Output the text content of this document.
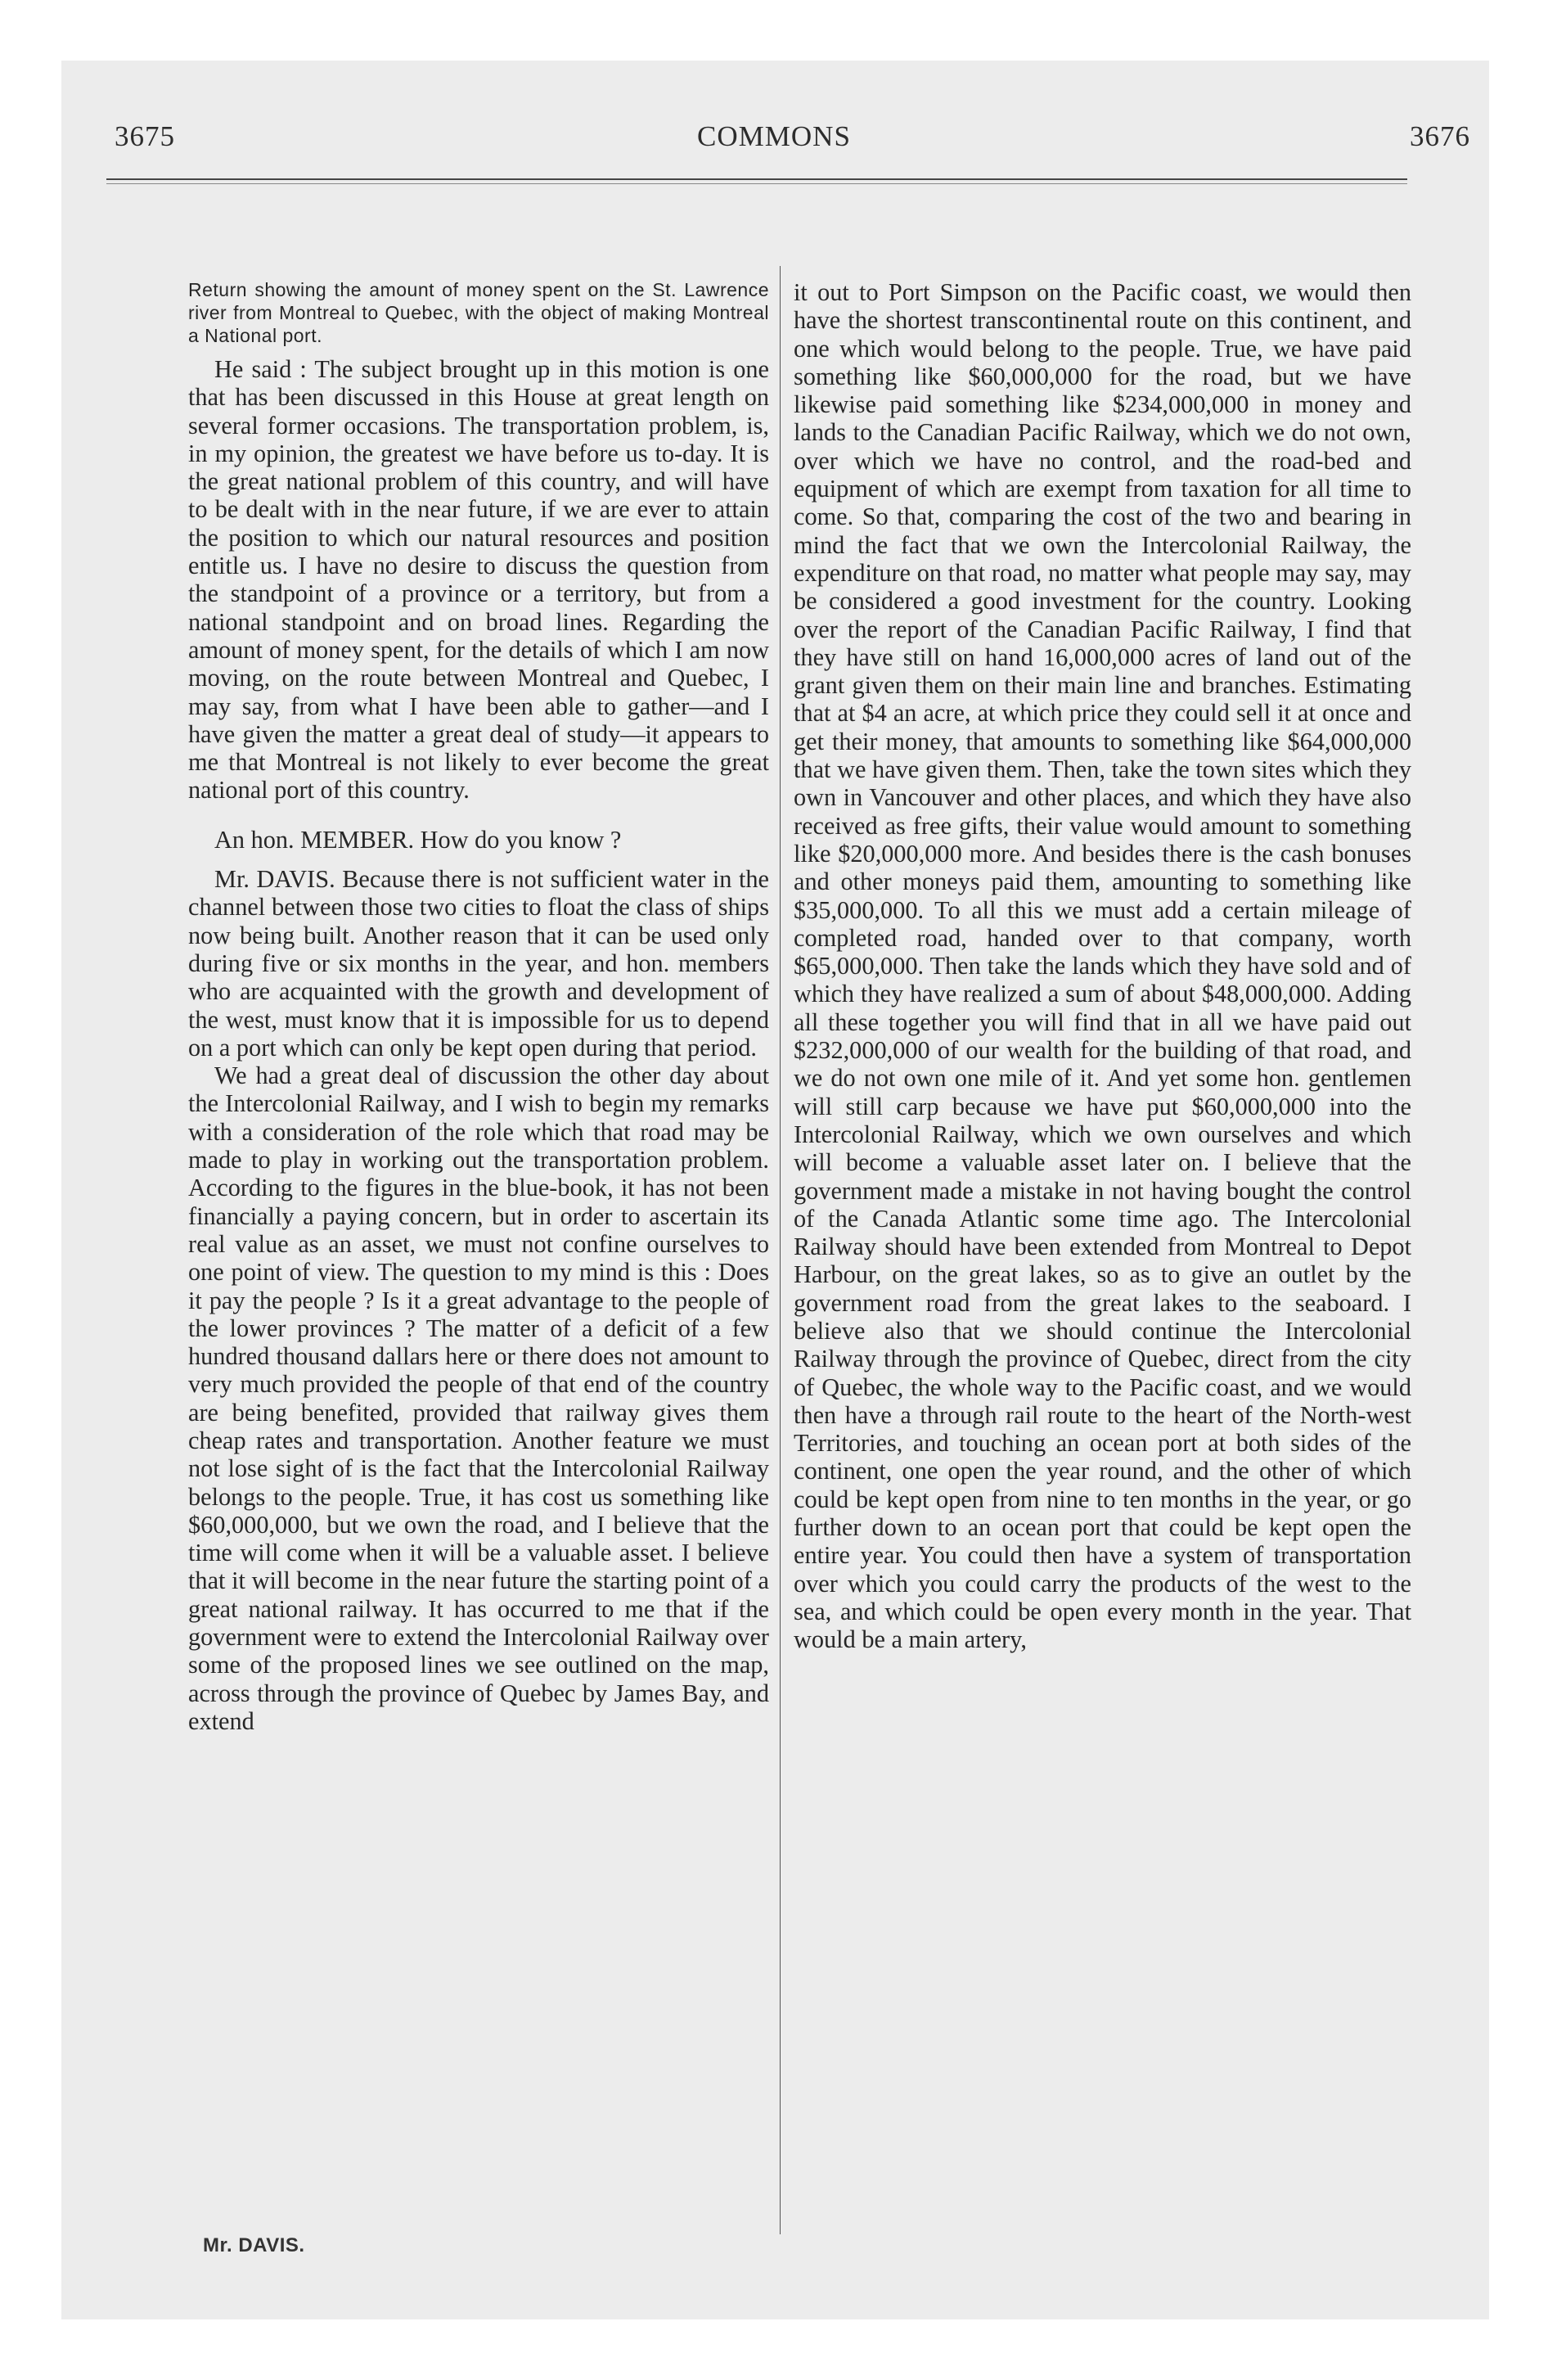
3675	COMMONS	3676

Return showing the amount of money spent on the St. Lawrence river from Montreal to Quebec, with the object of making Montreal a National port.

He said : The subject brought up in this motion is one that has been discussed in this House at great length on several former occasions. The transportation problem, is, in my opinion, the greatest we have before us to-day. It is the great national problem of this country, and will have to be dealt with in the near future, if we are ever to attain the position to which our natural resources and position entitle us. I have no desire to discuss the question from the standpoint of a province or a territory, but from a national standpoint and on broad lines. Regarding the amount of money spent, for the details of which I am now moving, on the route between Montreal and Quebec, I may say, from what I have been able to gather—and I have given the matter a great deal of study—it appears to me that Montreal is not likely to ever become the great national port of this country.

An hon. MEMBER. How do you know ?

Mr. DAVIS. Because there is not sufficient water in the channel between those two cities to float the class of ships now being built. Another reason that it can be used only during five or six months in the year, and hon. members who are acquainted with the growth and development of the west, must know that it is impossible for us to depend on a port which can only be kept open during that period.

We had a great deal of discussion the other day about the Intercolonial Railway, and I wish to begin my remarks with a consideration of the role which that road may be made to play in working out the transportation problem. According to the figures in the blue-book, it has not been financially a paying concern, but in order to ascertain its real value as an asset, we must not confine ourselves to one point of view. The question to my mind is this : Does it pay the people ? Is it a great advantage to the people of the lower provinces ? The matter of a deficit of a few hundred thousand dallars here or there does not amount to very much provided the people of that end of the country are being benefited, provided that railway gives them cheap rates and transportation. Another feature we must not lose sight of is the fact that the Intercolonial Railway belongs to the people. True, it has cost us something like $60,000,000, but we own the road, and I believe that the time will come when it will be a valuable asset. I believe that it will become in the near future the starting point of a great national railway. It has occurred to me that if the government were to extend the Intercolonial Railway over some of the proposed lines we see outlined on the map, across through the province of Quebec by James Bay, and extend

it out to Port Simpson on the Pacific coast, we would then have the shortest transcontinental route on this continent, and one which would belong to the people. True, we have paid something like $60,000,000 for the road, but we have likewise paid something like $234,000,000 in money and lands to the Canadian Pacific Railway, which we do not own, over which we have no control, and the road-bed and equipment of which are exempt from taxation for all time to come. So that, comparing the cost of the two and bearing in mind the fact that we own the Intercolonial Railway, the expenditure on that road, no matter what people may say, may be considered a good investment for the country. Looking over the report of the Canadian Pacific Railway, I find that they have still on hand 16,000,000 acres of land out of the grant given them on their main line and branches. Estimating that at $4 an acre, at which price they could sell it at once and get their money, that amounts to something like $64,000,000 that we have given them. Then, take the town sites which they own in Vancouver and other places, and which they have also received as free gifts, their value would amount to something like $20,000,000 more. And besides there is the cash bonuses and other moneys paid them, amounting to something like $35,000,000. To all this we must add a certain mileage of completed road, handed over to that company, worth $65,000,000. Then take the lands which they have sold and of which they have realized a sum of about $48,000,000. Adding all these together you will find that in all we have paid out $232,000,000 of our wealth for the building of that road, and we do not own one mile of it. And yet some hon. gentlemen will still carp because we have put $60,000,000 into the Intercolonial Railway, which we own ourselves and which will become a valuable asset later on. I believe that the government made a mistake in not having bought the control of the Canada Atlantic some time ago. The Intercolonial Railway should have been extended from Montreal to Depot Harbour, on the great lakes, so as to give an outlet by the government road from the great lakes to the seaboard. I believe also that we should continue the Intercolonial Railway through the province of Quebec, direct from the city of Quebec, the whole way to the Pacific coast, and we would then have a through rail route to the heart of the North-west Territories, and touching an ocean port at both sides of the continent, one open the year round, and the other of which could be kept open from nine to ten months in the year, or go further down to an ocean port that could be kept open the entire year. You could then have a system of transportation over which you could carry the products of the west to the sea, and which could be open every month in the year. That would be a main artery,

Mr. DAVIS.
